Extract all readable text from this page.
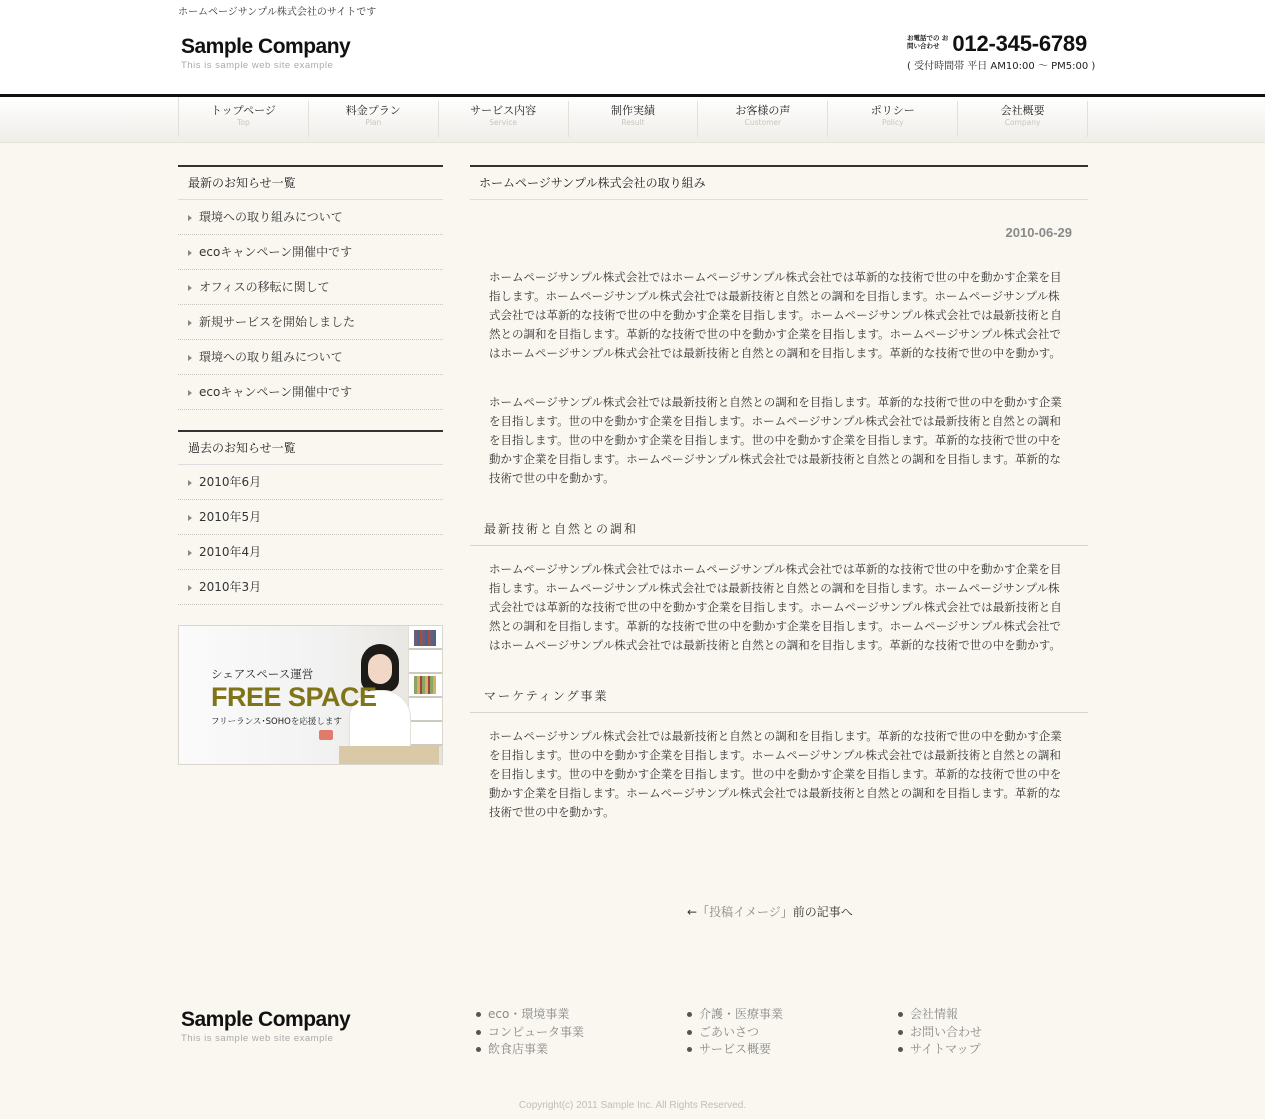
ホームページサンプル株式会社のサイトです
Sample Company
This is sample web site example
お電話での お問い合わせ 012-345-6789
( 受付時間帯 平日 AM10:00 〜 PM5:00 )
トップページ
Top
料金プラン
Plan
サービス内容
Service
制作実績
Result
お客様の声
Customer
ポリシー
Policy
会社概要
Company
最新のお知らせ一覧
環境への取り組みについて
ecoキャンペーン開催中です
オフィスの移転に関して
新規サービスを開始しました
環境への取り組みについて
ecoキャンペーン開催中です
過去のお知らせ一覧
2010年6月
2010年5月
2010年4月
2010年3月
シェアスペース運営
FREE SPACE
フリーランス･SOHOを応援します
ホームページサンプル株式会社の取り組み
2010-06-29

ホームページサンプル株式会社ではホームページサンプル株式会社では革新的な技術で世の中を動かす企業を目指します。ホームページサンプル株式会社では最新技術と自然との調和を目指します。ホームページサンプル株式会社では革新的な技術で世の中を動かす企業を目指します。ホームページサンプル株式会社では最新技術と自然との調和を目指します。革新的な技術で世の中を動かす企業を目指します。ホームページサンプル株式会社ではホームページサンプル株式会社では最新技術と自然との調和を目指します。革新的な技術で世の中を動かす。

ホームページサンプル株式会社では最新技術と自然との調和を目指します。革新的な技術で世の中を動かす企業を目指します。世の中を動かす企業を目指します。ホームページサンプル株式会社では最新技術と自然との調和を目指します。世の中を動かす企業を目指します。世の中を動かす企業を目指します。革新的な技術で世の中を動かす企業を目指します。ホームページサンプル株式会社では最新技術と自然との調和を目指します。革新的な技術で世の中を動かす。

最新技術と自然との調和

ホームページサンプル株式会社ではホームページサンプル株式会社では革新的な技術で世の中を動かす企業を目指します。ホームページサンプル株式会社では最新技術と自然との調和を目指します。ホームページサンプル株式会社では革新的な技術で世の中を動かす企業を目指します。ホームページサンプル株式会社では最新技術と自然との調和を目指します。革新的な技術で世の中を動かす企業を目指します。ホームページサンプル株式会社ではホームページサンプル株式会社では最新技術と自然との調和を目指します。革新的な技術で世の中を動かす。

マーケティング事業

ホームページサンプル株式会社では最新技術と自然との調和を目指します。革新的な技術で世の中を動かす企業を目指します。世の中を動かす企業を目指します。ホームページサンプル株式会社では最新技術と自然との調和を目指します。世の中を動かす企業を目指します。世の中を動かす企業を目指します。革新的な技術で世の中を動かす企業を目指します。ホームページサンプル株式会社では最新技術と自然との調和を目指します。革新的な技術で世の中を動かす。

←「投稿イメージ」前の記事へ
Sample Company
This is sample web site example
eco・環境事業
コンピュータ事業
飲食店事業
介護・医療事業
ごあいさつ
サービス概要
会社情報
お問い合わせ
サイトマップ
Copyright(c) 2011 Sample Inc. All Rights Reserved.
